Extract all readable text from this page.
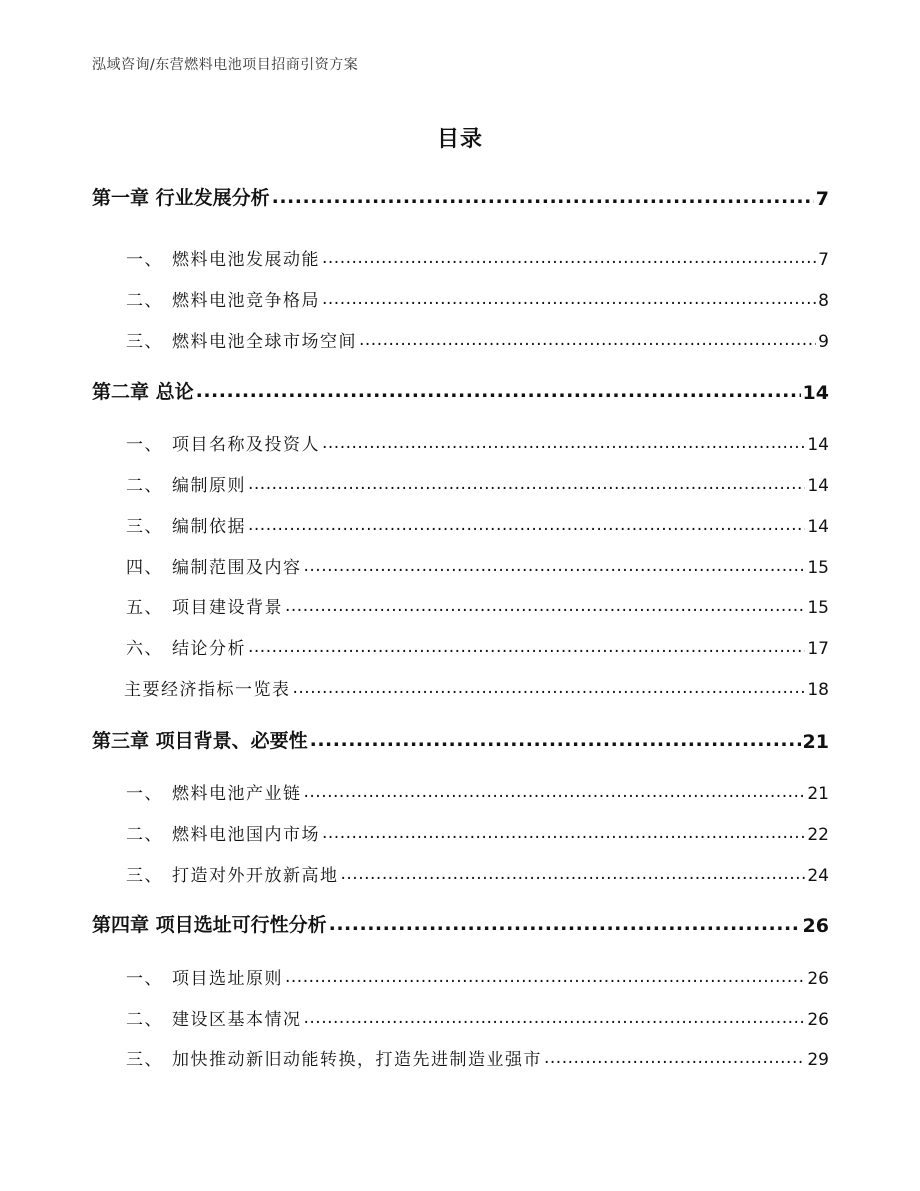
泓域咨询/东营燃料电池项目招商引资方案
目录
第一章 行业发展分析 .....	7
一、 燃料电池发展动能 .....	7
二、 燃料电池竞争格局 .....	8
三、 燃料电池全球市场空间 .....	9
第二章 总论 .....	14
一、 项目名称及投资人 .....	14
二、 编制原则 .....	14
三、 编制依据 .....	14
四、 编制范围及内容 .....	15
五、 项目建设背景 .....	15
六、 结论分析 .....	17
主要经济指标一览表 .....	18
第三章 项目背景、必要性 .....	21
一、 燃料电池产业链 .....	21
二、 燃料电池国内市场 .....	22
三、 打造对外开放新高地 .....	24
第四章 项目选址可行性分析 .....	26
一、 项目选址原则 .....	26
二、 建设区基本情况 .....	26
三、 加快推动新旧动能转换，打造先进制造业强市 .....	29
